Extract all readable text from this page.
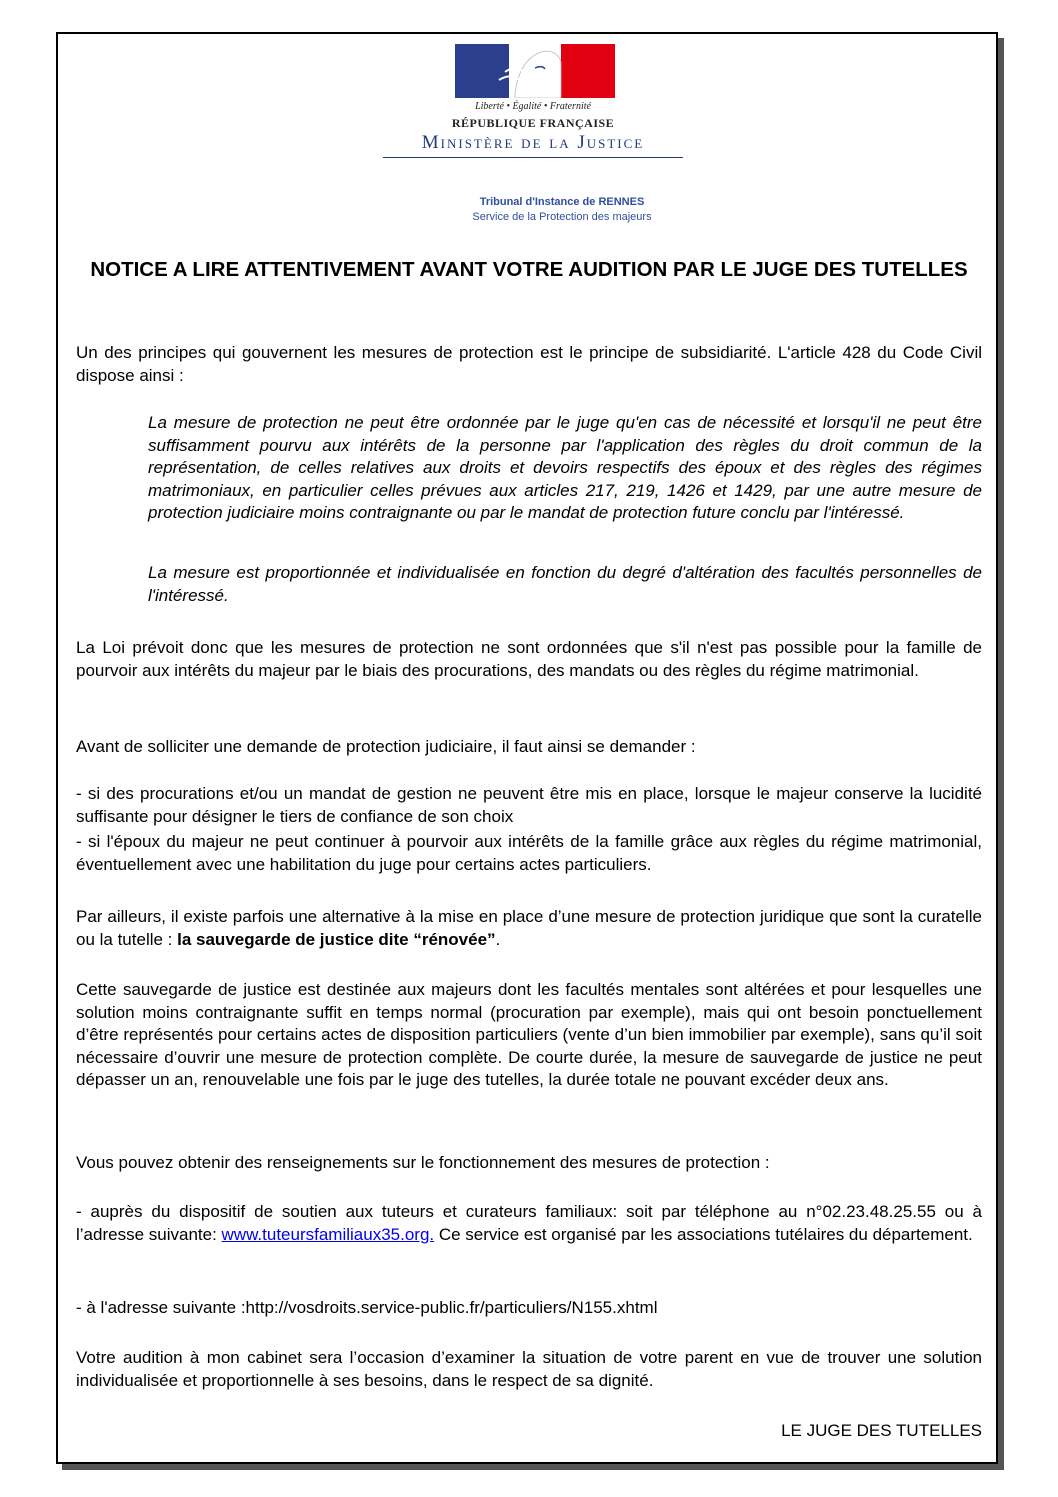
Liberté • Égalité • Fraternité
RÉPUBLIQUE FRANÇAISE
Ministère de la Justice
Tribunal d'Instance de RENNES
Service de la Protection des majeurs
NOTICE A LIRE ATTENTIVEMENT AVANT VOTRE AUDITION PAR LE JUGE DES TUTELLES

Un des principes qui gouvernent les mesures de protection est le principe de subsidiarité. L'article 428 du Code Civil dispose ainsi :

La mesure de protection ne peut être ordonnée par le juge qu'en cas de nécessité et lorsqu'il ne peut être suffisamment pourvu aux intérêts de la personne par l'application des règles du droit commun de la représentation, de celles relatives aux droits et devoirs respectifs des époux et des règles des régimes matrimoniaux, en particulier celles prévues aux articles 217, 219, 1426 et 1429, par une autre mesure de protection judiciaire moins contraignante ou par le mandat de protection future conclu par l'intéressé.

La mesure est proportionnée et individualisée en fonction du degré d'altération des facultés personnelles de l'intéressé.

La Loi prévoit donc que les mesures de protection ne sont ordonnées que s'il n'est pas possible pour la famille de pourvoir aux intérêts du majeur par le biais des procurations, des mandats ou des règles du régime matrimonial.

Avant de solliciter une demande de protection judiciaire, il faut ainsi se demander :

- si des procurations et/ou un mandat de gestion ne peuvent être mis en place, lorsque le majeur conserve la lucidité suffisante pour désigner le tiers de confiance de son choix

- si l'époux du majeur ne peut continuer à pourvoir aux intérêts de la famille grâce aux règles du régime matrimonial, éventuellement avec une habilitation du juge pour certains actes particuliers.

Par ailleurs, il existe parfois une alternative à la mise en place d’une mesure de protection juridique que sont la curatelle ou la tutelle : la sauvegarde de justice dite “rénovée”.

Cette sauvegarde de justice est destinée aux majeurs dont les facultés mentales sont altérées et pour lesquelles une solution moins contraignante suffit en temps normal (procuration par exemple), mais qui ont besoin ponctuellement d’être représentés pour certains actes de disposition particuliers (vente d’un bien immobilier par exemple), sans qu’il soit nécessaire d’ouvrir une mesure de protection complète. De courte durée, la mesure de sauvegarde de justice ne peut dépasser un an, renouvelable une fois par le juge des tutelles, la durée totale ne pouvant excéder deux ans.

Vous pouvez obtenir des renseignements sur le fonctionnement des mesures de protection :

- auprès du dispositif de soutien aux tuteurs et curateurs familiaux: soit par téléphone au n°02.23.48.25.55 ou à l’adresse suivante: www.tuteursfamiliaux35.org. Ce service est organisé par les associations tutélaires du département.

- à l'adresse suivante :http://vosdroits.service-public.fr/particuliers/N155.xhtml

Votre audition à mon cabinet sera l’occasion d’examiner la situation de votre parent en vue de trouver une solution individualisée et proportionnelle à ses besoins, dans le respect de sa dignité.

LE JUGE DES TUTELLES
